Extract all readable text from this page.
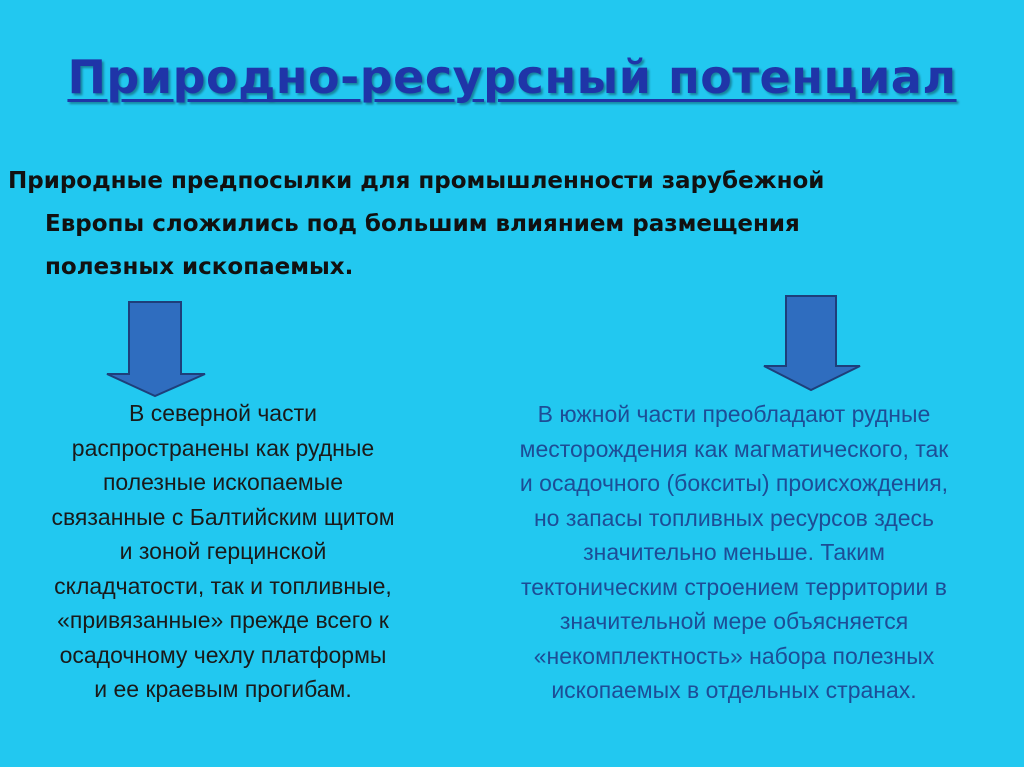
Природно-ресурсный потенциал
Природные предпосылки для промышленности зарубежной
Европы сложились под большим влиянием размещения
полезных ископаемых.
В северной части
распространены как рудные
полезные ископаемые
связанные с Балтийским щитом
и зоной герцинской
складчатости, так и топливные,
«привязанные» прежде всего к
осадочному чехлу платформы
и ее краевым прогибам.
В южной части преобладают рудные
месторождения как магматического, так
и осадочного (бокситы) происхождения,
но запасы топливных ресурсов здесь
значительно меньше. Таким
тектоническим строением территории в
значительной мере объясняется
«некомплектность» набора полезных
ископаемых в отдельных странах.
